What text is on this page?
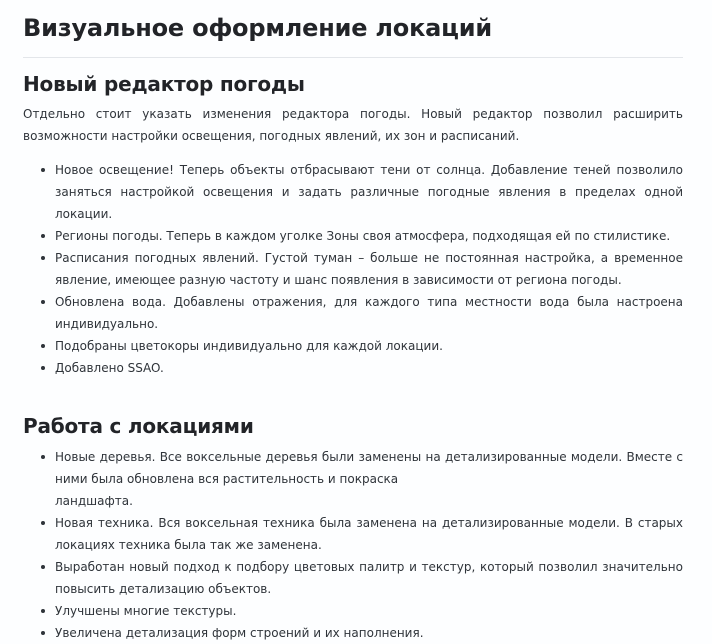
Визуальное оформление локаций
Новый редактор погоды

Отдельно стоит указать изменения редактора погоды. Новый редактор позволил расширить возможности настройки освещения, погодных явлений, их зон и расписаний.

Новое освещение! Теперь объекты отбрасывают тени от солнца. Добавление теней позволило заняться настройкой освещения и задать различные погодные явления в пределах одной локации.
Регионы погоды. Теперь в каждом уголке Зоны своя атмосфера, подходящая ей по стилистике.
Расписания погодных явлений. Густой туман – больше не постоянная настройка, а временное явление, имеющее разную частоту и шанс появления в зависимости от региона погоды.
Обновлена вода. Добавлены отражения, для каждого типа местности вода была настроена индивидуально.
Подобраны цветокоры индивидуально для каждой локации.
Добавлено SSAO.
Работа с локациями
Новые деревья. Все воксельные деревья были заменены на детализированные модели. Вместе с ними была обновлена вся растительность и покраска
ландшафта.
Новая техника. Вся воксельная техника была заменена на детализированные модели. В старых локациях техника была так же заменена.
Выработан новый подход к подбору цветовых палитр и текстур, который позволил значительно повысить детализацию объектов.
Улучшены многие текстуры.
Увеличена детализация форм строений и их наполнения.
